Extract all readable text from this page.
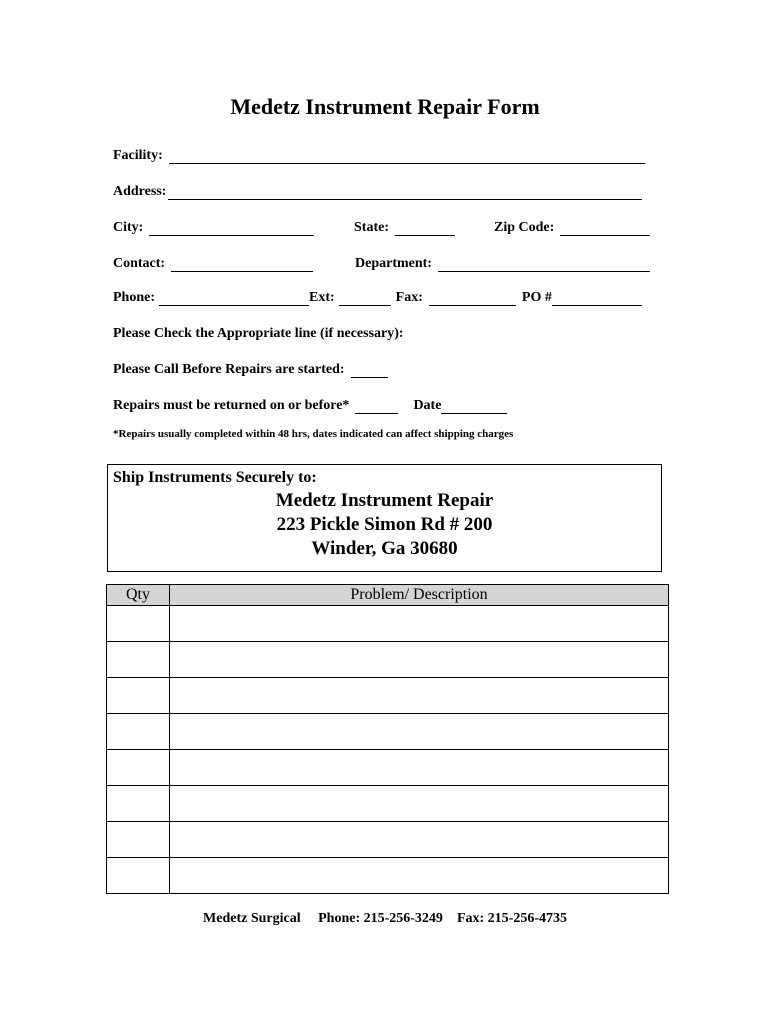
Medetz Instrument Repair Form
Facility:
Address:
City:	State:	Zip Code:
Contact:	Department:
Phone:	Ext:	Fax:	PO #
Please Check the Appropriate line (if necessary):
Please Call Before Repairs are started:
Repairs must be returned on or before*	Date
*Repairs usually completed within 48 hrs, dates indicated can affect shipping charges
Ship Instruments Securely to:
Medetz Instrument Repair
223 Pickle Simon Rd # 200
Winder, Ga 30680
Qty	Problem/ Description

Medetz Surgical Phone: 215-256-3249 Fax: 215-256-4735
